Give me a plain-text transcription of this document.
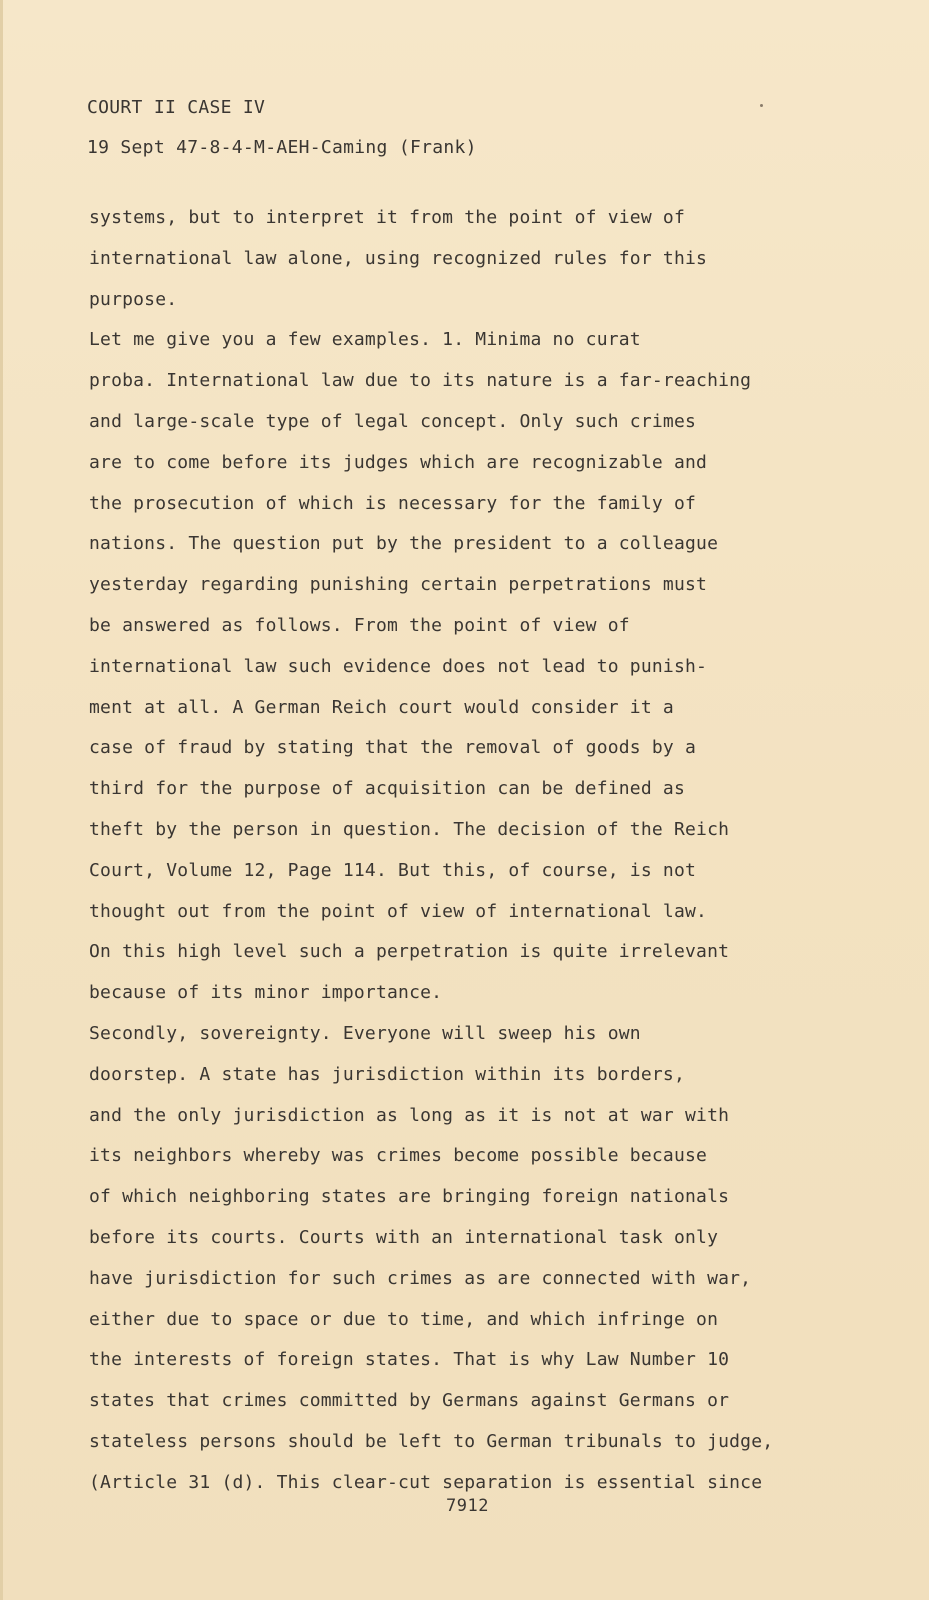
COURT II CASE IV
19 Sept 47-8-4-M-AEH-Caming (Frank)
systems, but to interpret it from the point of view of
international law alone, using recognized rules for this
purpose.
Let me give you a few examples. 1. Minima no curat
proba. International law due to its nature is a far-reaching
and large-scale type of legal concept. Only such crimes
are to come before its judges which are recognizable and
the prosecution of which is necessary for the family of
nations. The question put by the president to a colleague
yesterday regarding punishing certain perpetrations must
be answered as follows. From the point of view of
international law such evidence does not lead to punish-
ment at all. A German Reich court would consider it a
case of fraud by stating that the removal of goods by a
third for the purpose of acquisition can be defined as
theft by the person in question. The decision of the Reich
Court, Volume 12, Page 114. But this, of course, is not
thought out from the point of view of international law.
On this high level such a perpetration is quite irrelevant
because of its minor importance.
Secondly, sovereignty. Everyone will sweep his own
doorstep. A state has jurisdiction within its borders,
and the only jurisdiction as long as it is not at war with
its neighbors whereby was crimes become possible because
of which neighboring states are bringing foreign nationals
before its courts. Courts with an international task only
have jurisdiction for such crimes as are connected with war,
either due to space or due to time, and which infringe on
the interests of foreign states. That is why Law Number 10
states that crimes committed by Germans against Germans or
stateless persons should be left to German tribunals to judge,
(Article 31 (d). This clear-cut separation is essential since
7912
